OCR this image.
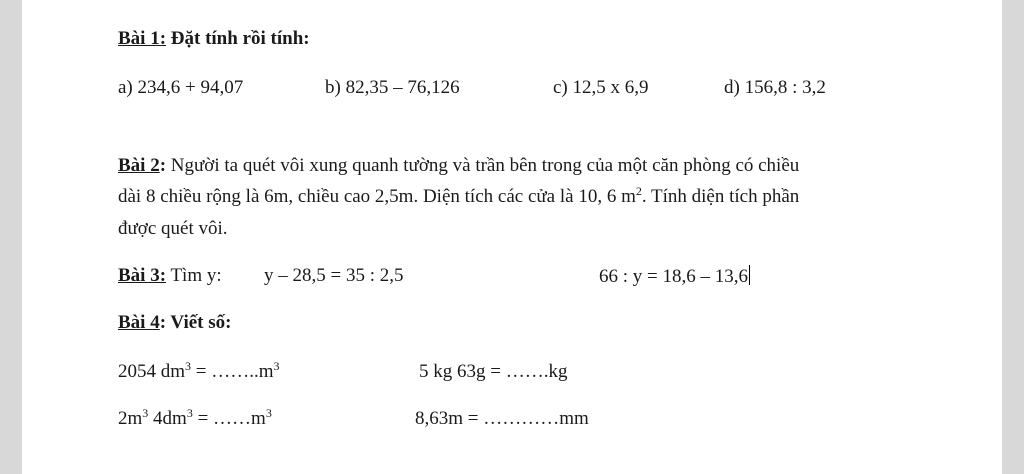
Bài 1: Đặt tính rồi tính:
a) 234,6 + 94,07	b) 82,35 – 76,126	c) 12,5 x 6,9	d) 156,8 : 3,2
Bài 2: Người ta quét vôi xung quanh tường và trần bên trong của một căn phòng có chiều
dài 8 chiều rộng là 6m, chiều cao 2,5m. Diện tích các cửa là 10, 6 $m^2$. Tính diện tích phần
được quét vôi.
Bài 3: Tìm y: y – 28,5 = 35 : 2,5	66 : y = 18,6 – 13,6
Bài 4: Viết số:
2054 $dm^3$ = $\dots\dots..m^3$	5 kg 63g = …….kg
$2m^3$ $4dm^3$ = $\dots\dots m^3$	8,63m = …………mm
